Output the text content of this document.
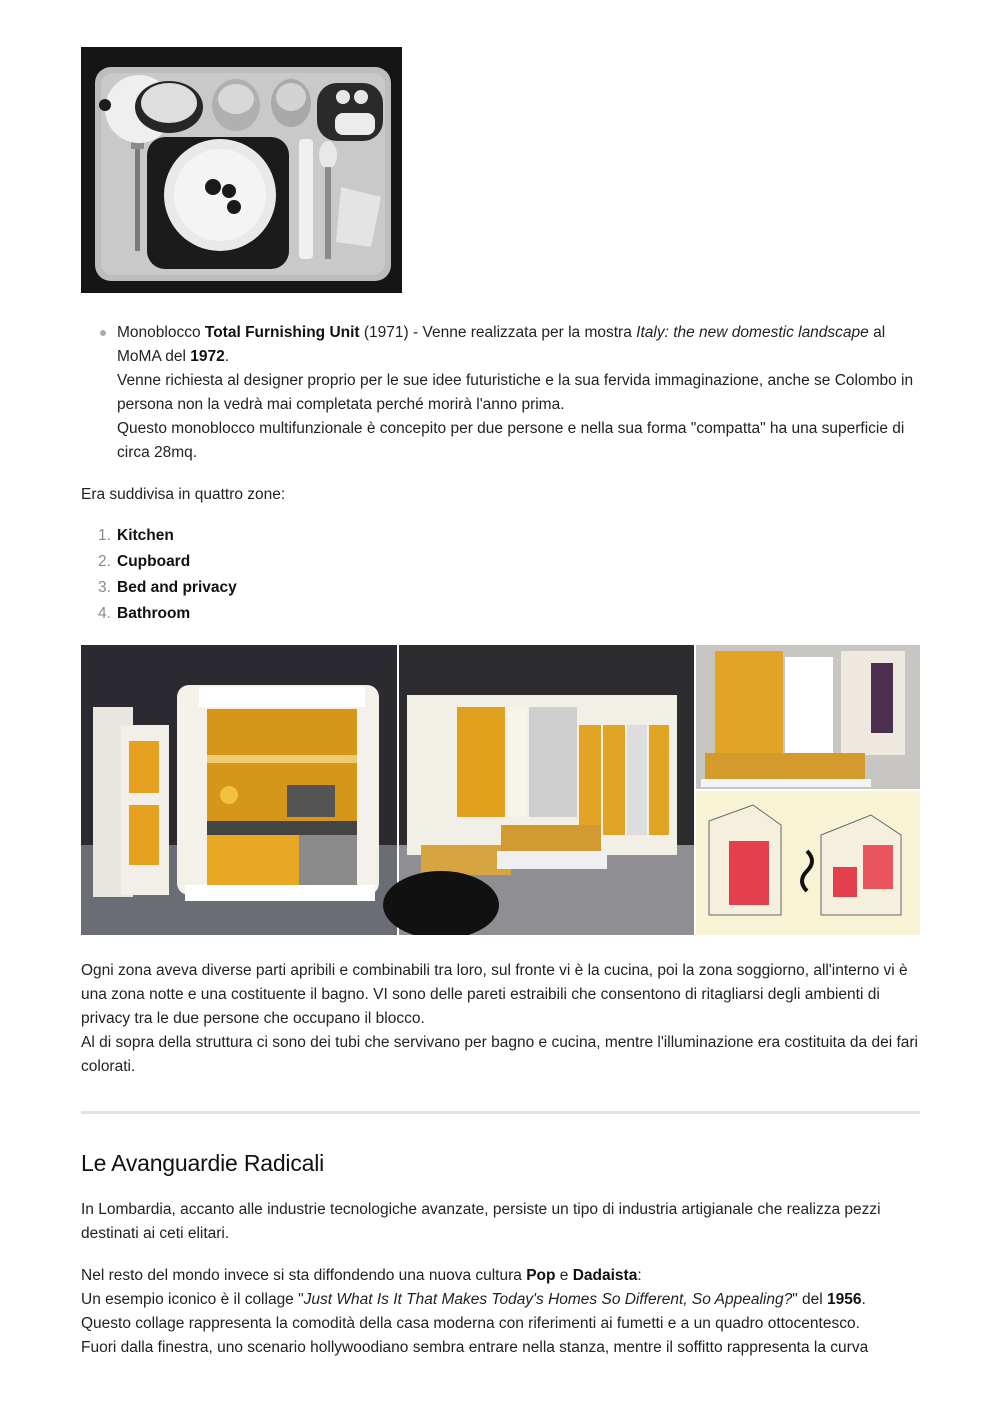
Monoblocco Total Furnishing Unit (1971) - Venne realizzata per la mostra Italy: the new domestic landscape al MoMA del 1972.
Venne richiesta al designer proprio per le sue idee futuristiche e la sua fervida immaginazione, anche se Colombo in persona non la vedrà mai completata perché morirà l'anno prima.
Questo monoblocco multifunzionale è concepito per due persone e nella sua forma "compatta" ha una superficie di circa 28mq.

Era suddivisa in quattro zone:

1. Kitchen
2. Cupboard
3. Bed and privacy
4. Bathroom

Ogni zona aveva diverse parti apribili e combinabili tra loro, sul fronte vi è la cucina, poi la zona soggiorno, all'interno vi è una zona notte e una costituente il bagno. VI sono delle pareti estraibili che consentono di ritagliarsi degli ambienti di privacy tra le due persone che occupano il blocco.
Al di sopra della struttura ci sono dei tubi che servivano per bagno e cucina, mentre l'illuminazione era costituita da dei fari colorati.

Le Avanguardie Radicali

In Lombardia, accanto alle industrie tecnologiche avanzate, persiste un tipo di industria artigianale che realizza pezzi destinati ai ceti elitari.

Nel resto del mondo invece si sta diffondendo una nuova cultura Pop e Dadaista:
Un esempio iconico è il collage "Just What Is It That Makes Today's Homes So Different, So Appealing?" del 1956.
Questo collage rappresenta la comodità della casa moderna con riferimenti ai fumetti e a un quadro ottocentesco.
Fuori dalla finestra, uno scenario hollywoodiano sembra entrare nella stanza, mentre il soffitto rappresenta la curva
